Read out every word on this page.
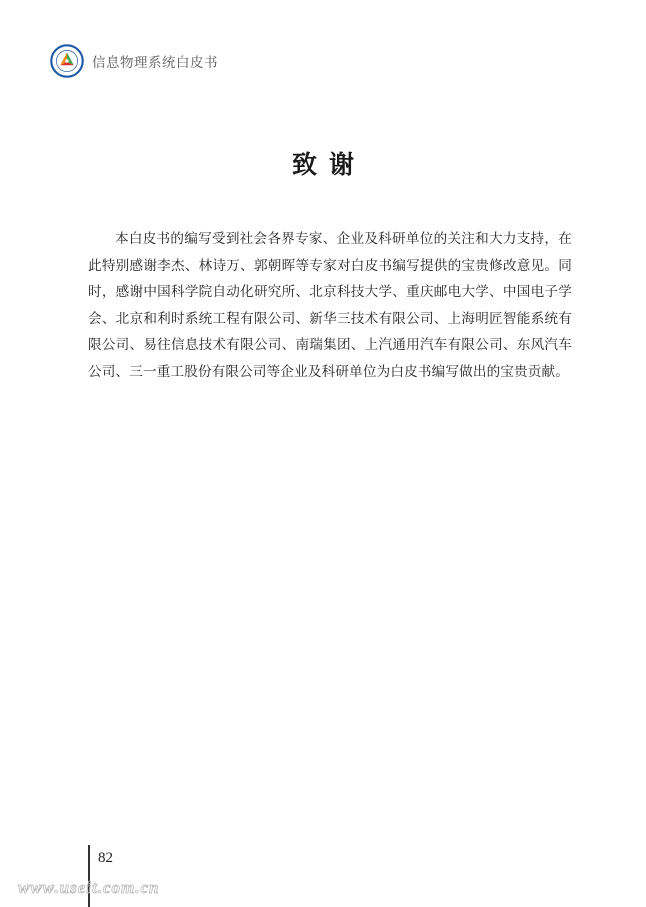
信息物理系统白皮书
致谢

本白皮书的编写受到社会各界专家、企业及科研单位的关注和大力支持，在此特别感谢李杰、林诗万、郭朝晖等专家对白皮书编写提供的宝贵修改意见。同时，感谢中国科学院自动化研究所、北京科技大学、重庆邮电大学、中国电子学会、北京和利时系统工程有限公司、新华三技术有限公司、上海明匠智能系统有限公司、易往信息技术有限公司、南瑞集团、上汽通用汽车有限公司、东风汽车公司、三一重工股份有限公司等企业及科研单位为白皮书编写做出的宝贵贡献。

82
www.useit.com.cn
